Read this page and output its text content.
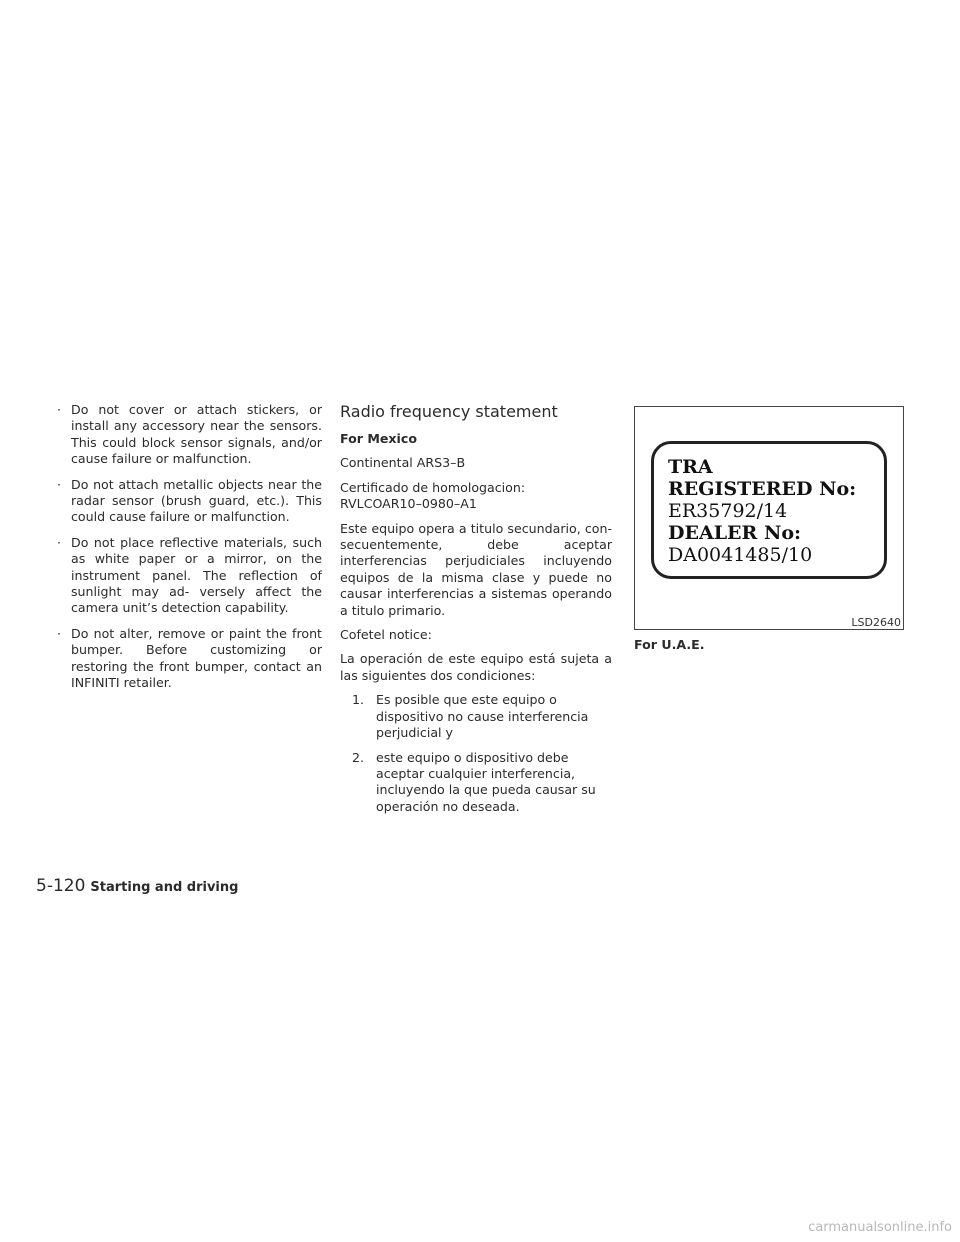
· Do not cover or attach stickers, or install any accessory near the sensors. This could block sensor signals, and/or cause failure or malfunction.
· Do not attach metallic objects near the radar sensor (brush guard, etc.). This could cause failure or malfunction.
· Do not place reflective materials, such as white paper or a mirror, on the instrument panel. The reflection of sunlight may ad- versely affect the camera unit’s detection capability.
· Do not alter, remove or paint the front bumper. Before customizing or restoring the front bumper, contact an INFINITI retailer.
Radio frequency statement
For Mexico
Continental ARS3–B
Certificado de homologacion:
RVLCOAR10–0980–A1
Este equipo opera a titulo secundario, con- secuentemente, debe aceptar interferencias perjudiciales incluyendo equipos de la misma clase y puede no causar interferencias a sistemas operando a titulo primario.
Cofetel notice:
La operación de este equipo está sujeta a las siguientes dos condiciones:
1. Es posible que este equipo o dispositivo no cause interferencia perjudicial y
2. este equipo o dispositivo debe aceptar cualquier interferencia, incluyendo la que pueda causar su operación no deseada.
TRA
REGISTERED No:
ER35792/14
DEALER No:
DA0041485/10
LSD2640
For U.A.E.
5-120 Starting and driving
carmanualsonline.info
